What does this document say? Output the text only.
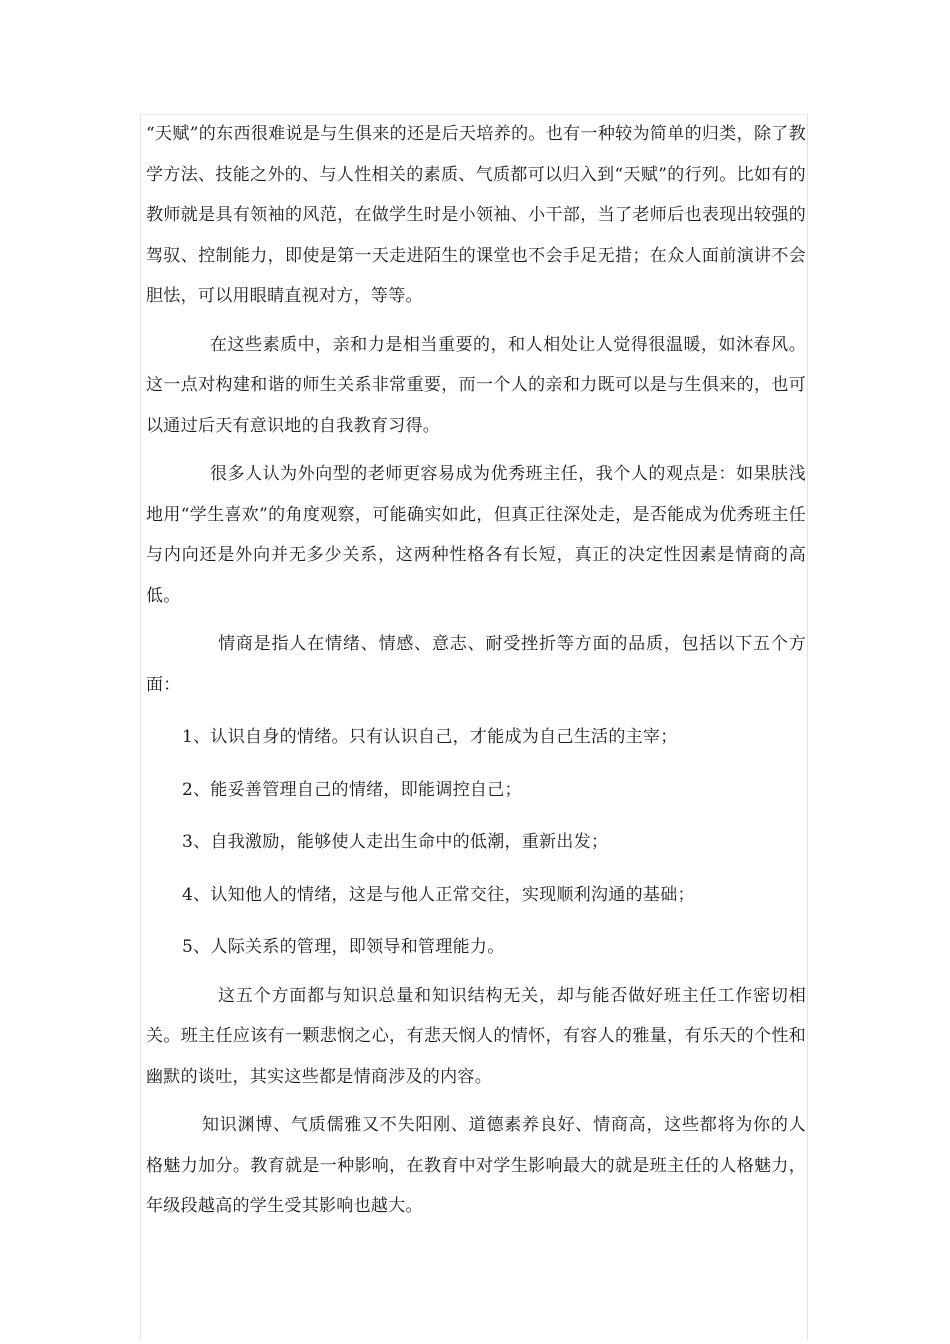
“天赋”的东西很难说是与生俱来的还是后天培养的。也有一种较为简单的归类，除了教学方法、技能之外的、与人性相关的素质、气质都可以归入到“天赋”的行列。比如有的教师就是具有领袖的风范，在做学生时是小领袖、小干部，当了老师后也表现出较强的驾驭、控制能力，即使是第一天走进陌生的课堂也不会手足无措；在众人面前演讲不会胆怯，可以用眼睛直视对方，等等。

在这些素质中，亲和力是相当重要的，和人相处让人觉得很温暖，如沐春风。这一点对构建和谐的师生关系非常重要，而一个人的亲和力既可以是与生俱来的，也可以通过后天有意识地的自我教育习得。

很多人认为外向型的老师更容易成为优秀班主任，我个人的观点是：如果肤浅地用“学生喜欢”的角度观察，可能确实如此，但真正往深处走，是否能成为优秀班主任与内向还是外向并无多少关系，这两种性格各有长短，真正的决定性因素是情商的高低。

情商是指人在情绪、情感、意志、耐受挫折等方面的品质，包括以下五个方面：

1、认识自身的情绪。只有认识自己，才能成为自己生活的主宰；

2、能妥善管理自己的情绪，即能调控自己；

3、自我激励，能够使人走出生命中的低潮，重新出发；

4、认知他人的情绪，这是与他人正常交往，实现顺利沟通的基础；

5、人际关系的管理，即领导和管理能力。

这五个方面都与知识总量和知识结构无关，却与能否做好班主任工作密切相关。班主任应该有一颗悲悯之心，有悲天悯人的情怀，有容人的雅量，有乐天的个性和幽默的谈吐，其实这些都是情商涉及的内容。

知识渊博、气质儒雅又不失阳刚、道德素养良好、情商高，这些都将为你的人格魅力加分。教育就是一种影响，在教育中对学生影响最大的就是班主任的人格魅力，年级段越高的学生受其影响也越大。
